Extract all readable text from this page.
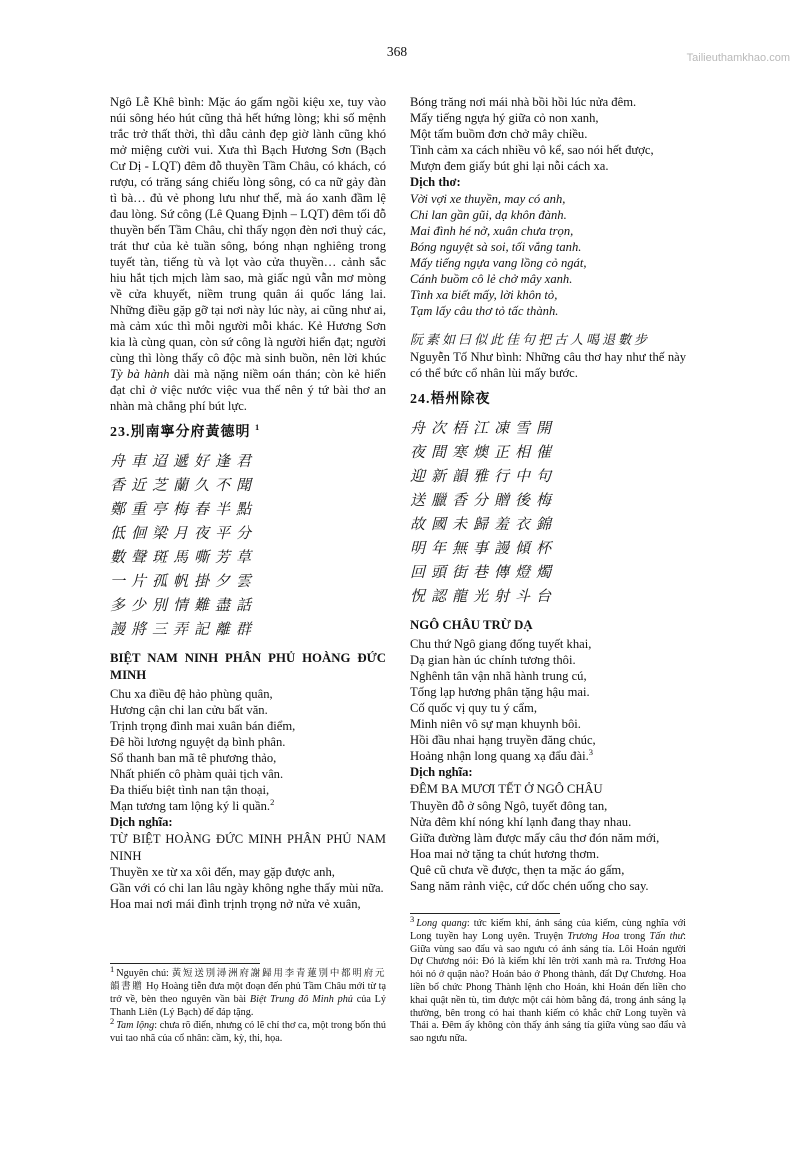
Tailieuthamkhao.com
368

Ngô Lễ Khê bình: Mặc áo gấm ngồi kiệu xe, tuy vào núi sông héo hút cũng thả hết hứng lòng; khi số mệnh trắc trở thất thời, thì dẫu cảnh đẹp giờ lành cũng khó mở miệng cười vui. Xưa thì Bạch Hương Sơn (Bạch Cư Dị - LQT) đêm đỗ thuyền Tầm Châu, có khách, có rượu, có trăng sáng chiếu lòng sông, có ca nữ gảy đàn tì bà… đủ vẻ phong lưu như thế, mà áo xanh đầm lệ đau lòng. Sứ công (Lê Quang Định – LQT) đêm tối đỗ thuyền bến Tầm Châu, chỉ thấy ngọn đèn nơi thuỷ các, trát thư của kẻ tuần sông, bóng nhạn nghiêng trong tuyết tàn, tiếng tù và lọt vào cửa thuyền… cảnh sắc hiu hắt tịch mịch làm sao, mà giấc ngủ vẫn mơ mòng về cửa khuyết, niềm trung quân ái quốc láng lai. Những điều gặp gỡ tại nơi này lúc này, ai cũng như ai, mà cảm xúc thì mỗi người mỗi khác. Kẻ Hương Sơn kia là cùng quan, còn sứ công là người hiển đạt; người cùng thì lòng thấy cô độc mà sinh buồn, nên lời khúc Tỳ bà hành dài mà nặng niềm oán thán; còn kẻ hiển đạt chỉ ở việc nước việc vua thế nên ý tứ bài thơ an nhàn mà chẳng phí bút lực.

23.別南寧分府黃德明 $^1$
舟車迢遞好逢君
香近芝蘭久不聞
鄭重亭梅春半點
低佪梁月夜平分
數聲斑馬嘶芳草
一片孤帆掛夕雲
多少別情難盡話
謾將三弄記離群
BIỆT NAM NINH PHÂN PHỦ HOÀNG ĐỨC MINH
Chu xa điều đệ hảo phùng quân,
Hương cận chi lan cửu bất văn.
Trịnh trọng đình mai xuân bán điểm,
Đê hồi lương nguyệt dạ bình phân.
Sổ thanh ban mã tê phương thảo,
Nhất phiến cô phàm quải tịch vân.
Đa thiếu biệt tình nan tận thoại,
Mạn tương tam lộng ký li quần.$^2$
Dịch nghĩa:
TỪ BIỆT HOÀNG ĐỨC MINH PHÂN PHỦ NAM NINH
Thuyền xe từ xa xôi đến, may gặp được anh,
Gần với có chi lan lâu ngày không nghe thấy mùi nữa.
Hoa mai nơi mái đình trịnh trọng nở nửa vẻ xuân,

$^1$ Nguyên chú: 黃短送別潯洲府謝歸用李青蓮別中都明府元韻書贈 Họ Hoàng tiễn đưa một đoạn đến phủ Tầm Châu mới từ tạ trở về, bèn theo nguyên vần bài Biệt Trung đô Minh phủ của Lý Thanh Liên (Lý Bạch) để đáp tặng.

$^2$ Tam lộng: chưa rõ điển, nhưng có lẽ chỉ thơ ca, một trong bốn thú vui tao nhã của cổ nhân: cầm, kỳ, thi, họa.

Bóng trăng nơi mái nhà bồi hồi lúc nửa đêm.
Mấy tiếng ngựa hý giữa cỏ non xanh,
Một tấm buồm đơn chở mây chiều.
Tình cảm xa cách nhiều vô kể, sao nói hết được,
Mượn đem giấy bút ghi lại nỗi cách xa.
Dịch thơ:
Vời vợi xe thuyền, may có anh,
Chi lan gần gũi, dạ khôn đành.
Mai đình hé nở, xuân chưa trọn,
Bóng nguyệt sà soi, tối vắng tanh.
Mấy tiếng ngựa vang lồng cỏ ngát,
Cánh buồm cô lẻ chở mây xanh.
Tình xa biết mấy, lời khôn tỏ,
Tạm lấy câu thơ tỏ tấc thành.
阮素如曰似此佳句把古人喝退數步

Nguyễn Tố Như bình: Những câu thơ hay như thế này có thể bức cổ nhân lùi mấy bước.

24.梧州除夜
舟次梧江凍雪開
夜間寒燠正相催
迎新韻雅行中句
送臘香分贈後梅
故國未歸羞衣錦
明年無事謾傾杯
回頭街巷傳燈燭
怳認龍光射斗台
NGÔ CHÂU TRỪ DẠ
Chu thứ Ngô giang đống tuyết khai,
Dạ gian hàn úc chính tương thôi.
Nghênh tân vận nhã hành trung cú,
Tống lạp hương phân tặng hậu mai.
Cố quốc vị quy tu ý cẩm,
Minh niên vô sự mạn khuynh bôi.
Hồi đầu nhai hạng truyền đăng chúc,
Hoảng nhận long quang xạ đẩu đài.$^3$
Dịch nghĩa:
ĐÊM BA MƯƠI TẾT Ở NGÔ CHÂU
Thuyền đỗ ở sông Ngô, tuyết đông tan,
Nửa đêm khí nóng khí lạnh đang thay nhau.
Giữa đường làm được mấy câu thơ đón năm mới,
Hoa mai nở tặng ta chút hương thơm.
Quê cũ chưa về được, thẹn ta mặc áo gấm,
Sang năm rảnh việc, cứ dốc chén uống cho say.

$^3$ Long quang: tức kiếm khí, ánh sáng của kiếm, cùng nghĩa với Long tuyền hay Long uyên. Truyện Trương Hoa trong Tấn thư: Giữa vùng sao đẩu và sao ngưu có ánh sáng tía. Lôi Hoán người Dự Chương nói: Đó là kiếm khí lên trời xanh mà ra. Trương Hoa hỏi nó ở quận nào? Hoán bảo ở Phong thành, đất Dự Chương. Hoa liền bổ chức Phong Thành lệnh cho Hoán, khi Hoán đến liền cho khai quật nền tù, tìm được một cái hòm bằng đá, trong ánh sáng lạ thường, bên trong có hai thanh kiếm có khắc chữ Long tuyền và Thái a. Đêm ấy không còn thấy ánh sáng tía giữa vùng sao đẩu và sao ngưu nữa.
